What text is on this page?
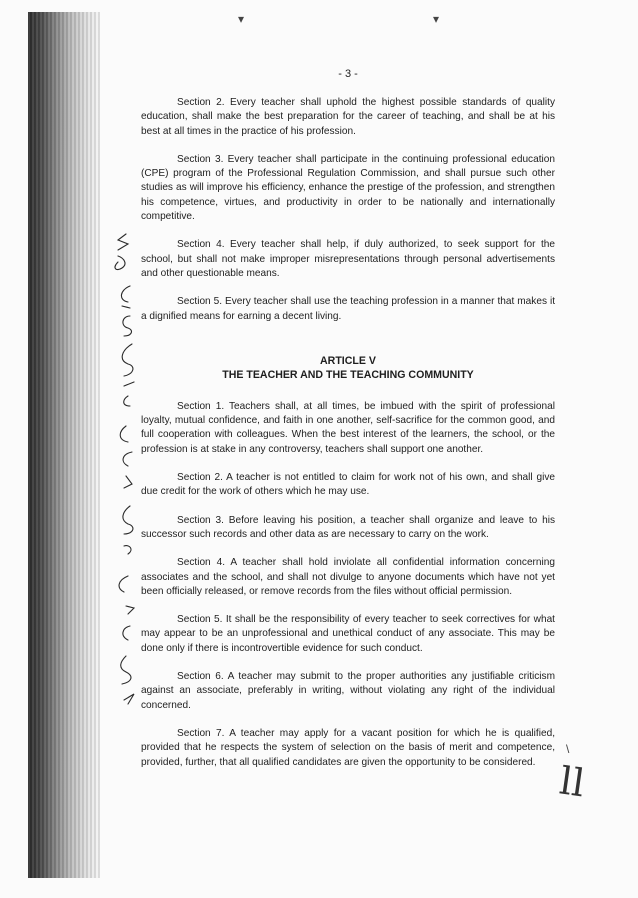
▾	▾
- 3 -

Section 2. Every teacher shall uphold the highest possible standards of quality education, shall make the best preparation for the career of teaching, and shall be at his best at all times in the practice of his profession.

Section 3. Every teacher shall participate in the continuing professional education (CPE) program of the Professional Regulation Commission, and shall pursue such other studies as will improve his efficiency, enhance the prestige of the profession, and strengthen his competence, virtues, and productivity in order to be nationally and internationally competitive.

Section 4. Every teacher shall help, if duly authorized, to seek support for the school, but shall not make improper misrepresentations through personal advertisements and other questionable means.

Section 5. Every teacher shall use the teaching profession in a manner that makes it a dignified means for earning a decent living.

ARTICLE V
THE TEACHER AND THE TEACHING COMMUNITY

Section 1. Teachers shall, at all times, be imbued with the spirit of professional loyalty, mutual confidence, and faith in one another, self-sacrifice for the common good, and full cooperation with colleagues. When the best interest of the learners, the school, or the profession is at stake in any controversy, teachers shall support one another.

Section 2. A teacher is not entitled to claim for work not of his own, and shall give due credit for the work of others which he may use.

Section 3. Before leaving his position, a teacher shall organize and leave to his successor such records and other data as are necessary to carry on the work.

Section 4. A teacher shall hold inviolate all confidential information concerning associates and the school, and shall not divulge to anyone documents which have not yet been officially released, or remove records from the files without official permission.

Section 5. It shall be the responsibility of every teacher to seek correctives for what may appear to be an unprofessional and unethical conduct of any associate. This may be done only if there is incontrovertible evidence for such conduct.

Section 6. A teacher may submit to the proper authorities any justifiable criticism against an associate, preferably in writing, without violating any right of the individual concerned.

Section 7. A teacher may apply for a vacant position for which he is qualified, provided that he respects the system of selection on the basis of merit and competence, provided, further, that all qualified candidates are given the opportunity to be considered.

\
ll
